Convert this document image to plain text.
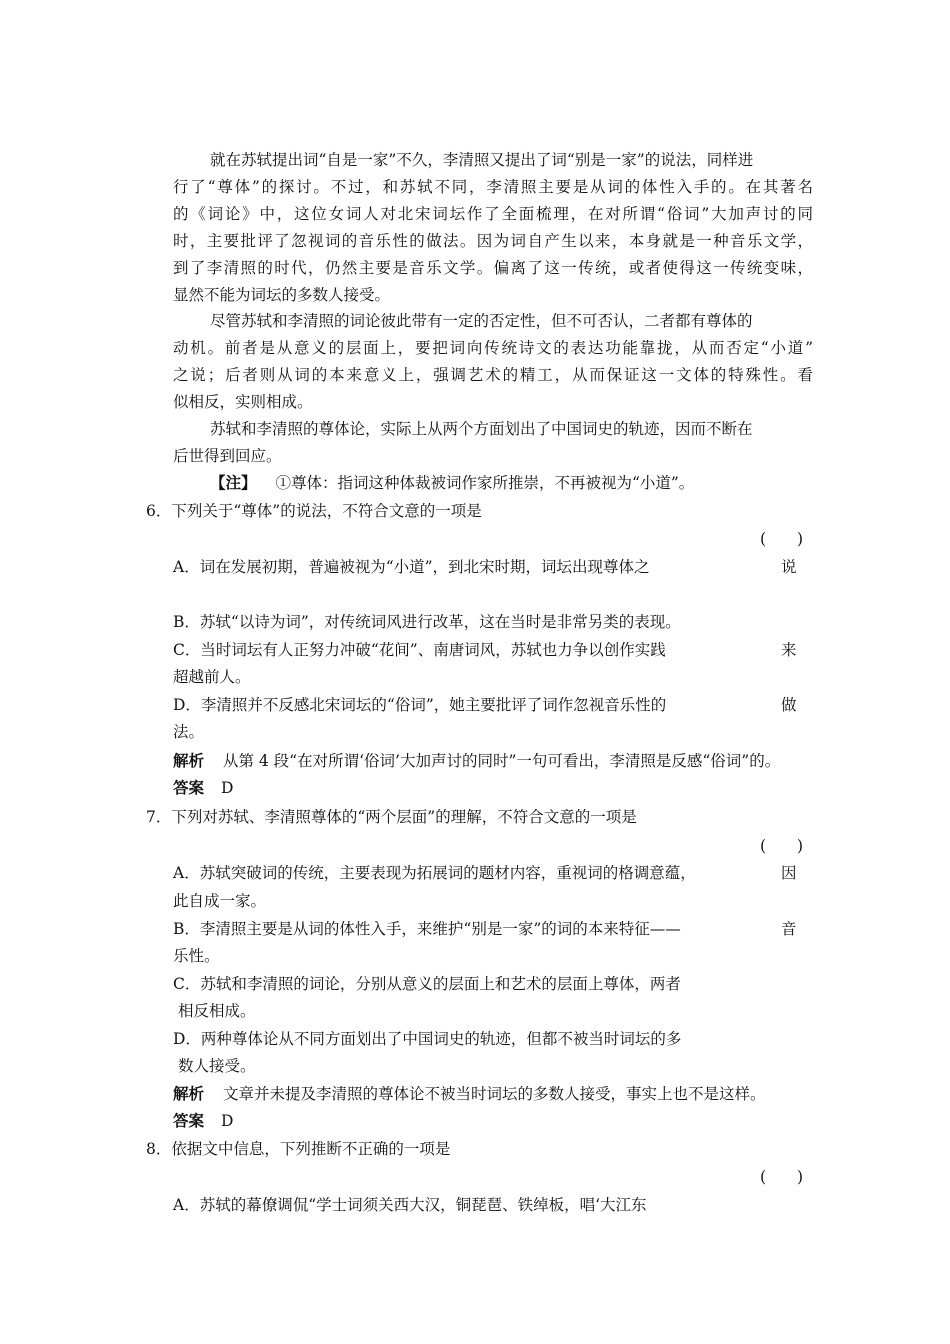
就在苏轼提出词“自是一家”不久，李清照又提出了词“别是一家”的说法，同样进
行了“尊体”的探讨。不过，和苏轼不同，李清照主要是从词的体性入手的。在其著名
的《词论》中，这位女词人对北宋词坛作了全面梳理，在对所谓“俗词”大加声讨的同
时，主要批评了忽视词的音乐性的做法。因为词自产生以来，本身就是一种音乐文学，
到了李清照的时代，仍然主要是音乐文学。偏离了这一传统，或者使得这一传统变味，
显然不能为词坛的多数人接受。
尽管苏轼和李清照的词论彼此带有一定的否定性，但不可否认，二者都有尊体的
动机。前者是从意义的层面上，要把词向传统诗文的表达功能靠拢，从而否定“小道”
之说；后者则从词的本来意义上，强调艺术的精工，从而保证这一文体的特殊性。看
似相反，实则相成。
苏轼和李清照的尊体论，实际上从两个方面划出了中国词史的轨迹，因而不断在
后世得到回应。
【注】 ①尊体：指词这种体裁被词作家所推崇，不再被视为“小道”。
6．下列关于“尊体”的说法，不符合文意的一项是
(　　)
A．词在发展初期，普遍被视为“小道”，到北宋时期，词坛出现尊体之	说
B．苏轼“以诗为词”，对传统词风进行改革，这在当时是非常另类的表现。
C．当时词坛有人正努力冲破“花间”、南唐词风，苏轼也力争以创作实践	来
超越前人。
D．李清照并不反感北宋词坛的“俗词”，她主要批评了词作忽视音乐性的	做
法。
解析 从第 4 段“在对所谓‘俗词’大加声讨的同时”一句可看出，李清照是反感“俗词”的。
答案 D
7．下列对苏轼、李清照尊体的“两个层面”的理解，不符合文意的一项是
(　　)
A．苏轼突破词的传统，主要表现为拓展词的题材内容，重视词的格调意蕴，	因
此自成一家。
B．李清照主要是从词的体性入手，来维护“别是一家”的词的本来特征——	音
乐性。
C．苏轼和李清照的词论，分别从意义的层面上和艺术的层面上尊体，两者
相反相成。
D．两种尊体论从不同方面划出了中国词史的轨迹，但都不被当时词坛的多
数人接受。
解析 文章并未提及李清照的尊体论不被当时词坛的多数人接受，事实上也不是这样。
答案 D
8．依据文中信息，下列推断不正确的一项是
(　　)
A．苏轼的幕僚调侃“学士词须关西大汉，铜琵琶、铁绰板，唱‘大江东
